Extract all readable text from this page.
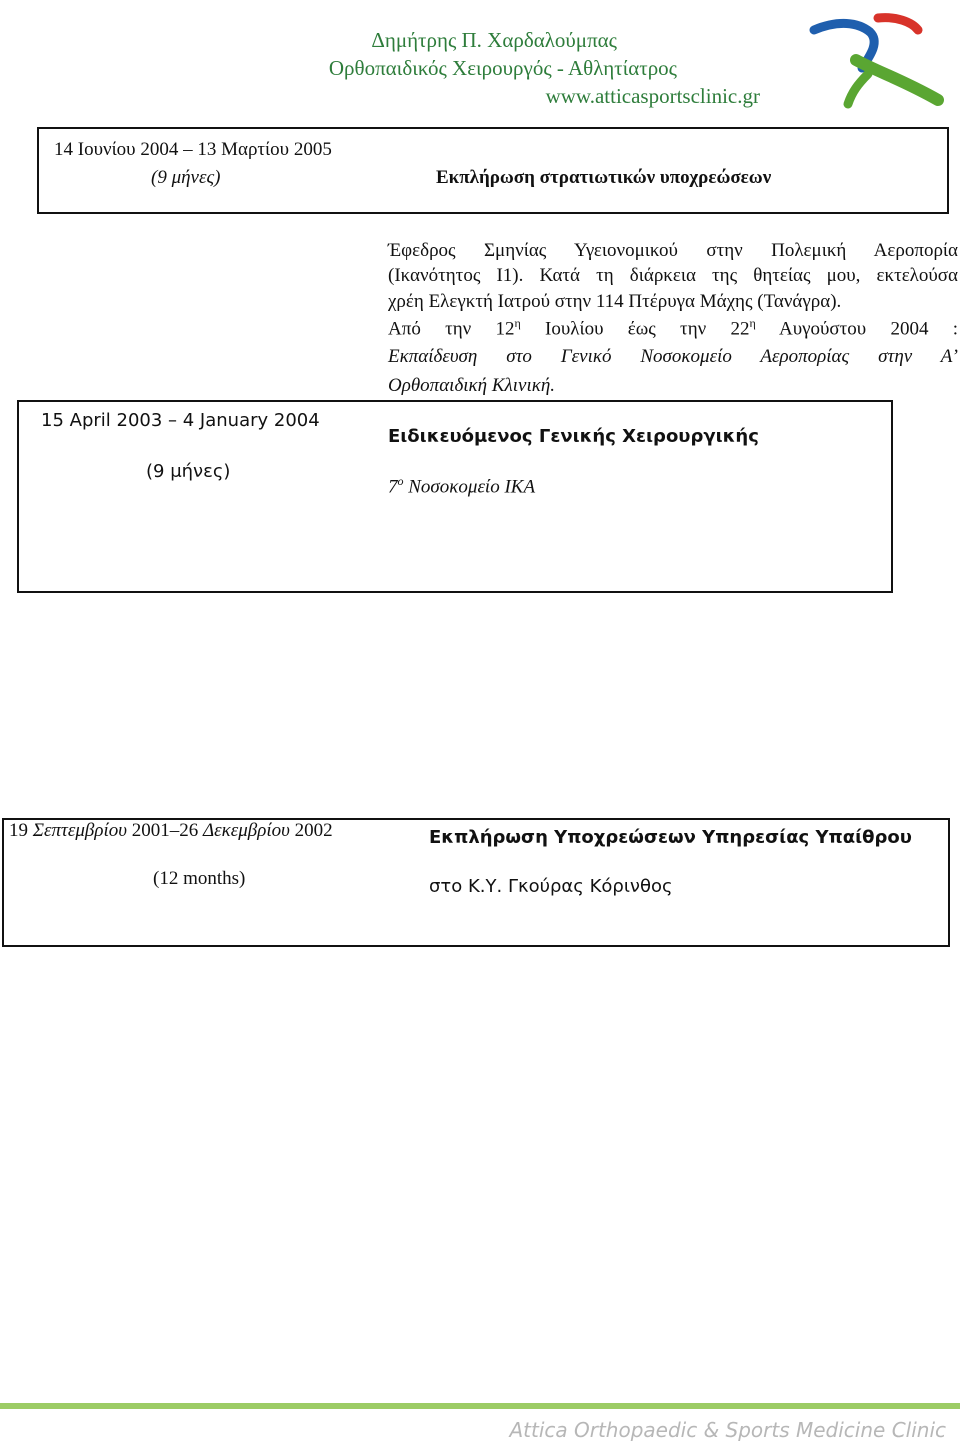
Δημήτρης Π. Χαρδαλούμπας
Ορθοπαιδικός Χειρουργός - Αθλητίατρος
www.atticasportsclinic.gr
14 Ιουνίου 2004 – 13 Μαρτίου 2005
(9 μήνες)	Εκπλήρωση στρατιωτικών υποχρεώσεων
Έφεδρος Σμηνίας Υγειονομικού στην Πολεμική Αεροπορία
(Ικανότητος Ι1). Κατά τη διάρκεια της θητείας μου, εκτελούσα
χρέη Ελεγκτή Ιατρού στην 114 Πτέρυγα Μάχης (Τανάγρα).
Από την $12^\eta$ Ιουλίου έως την $22^\eta$ Αυγούστου 2004 :
Εκπαίδευση στο Γενικό Νοσοκομείο Αεροπορίας στην Α’
Ορθοπαιδική Κλινική.
15 April 2003 – 4 January 2004
(9 μήνες)
Ειδικευόμενος Γενικής Χειρουργικής
$7^o$ Νοσοκομείο ΙΚΑ
19 Σεπτεμβρίου 2001–26 Δεκεμβρίου 2002
(12 months)
Εκπλήρωση Υποχρεώσεων Υπηρεσίας Υπαίθρου
στο Κ.Υ. Γκούρας Κόρινθος
Attica Orthopaedic & Sports Medicine Clinic
